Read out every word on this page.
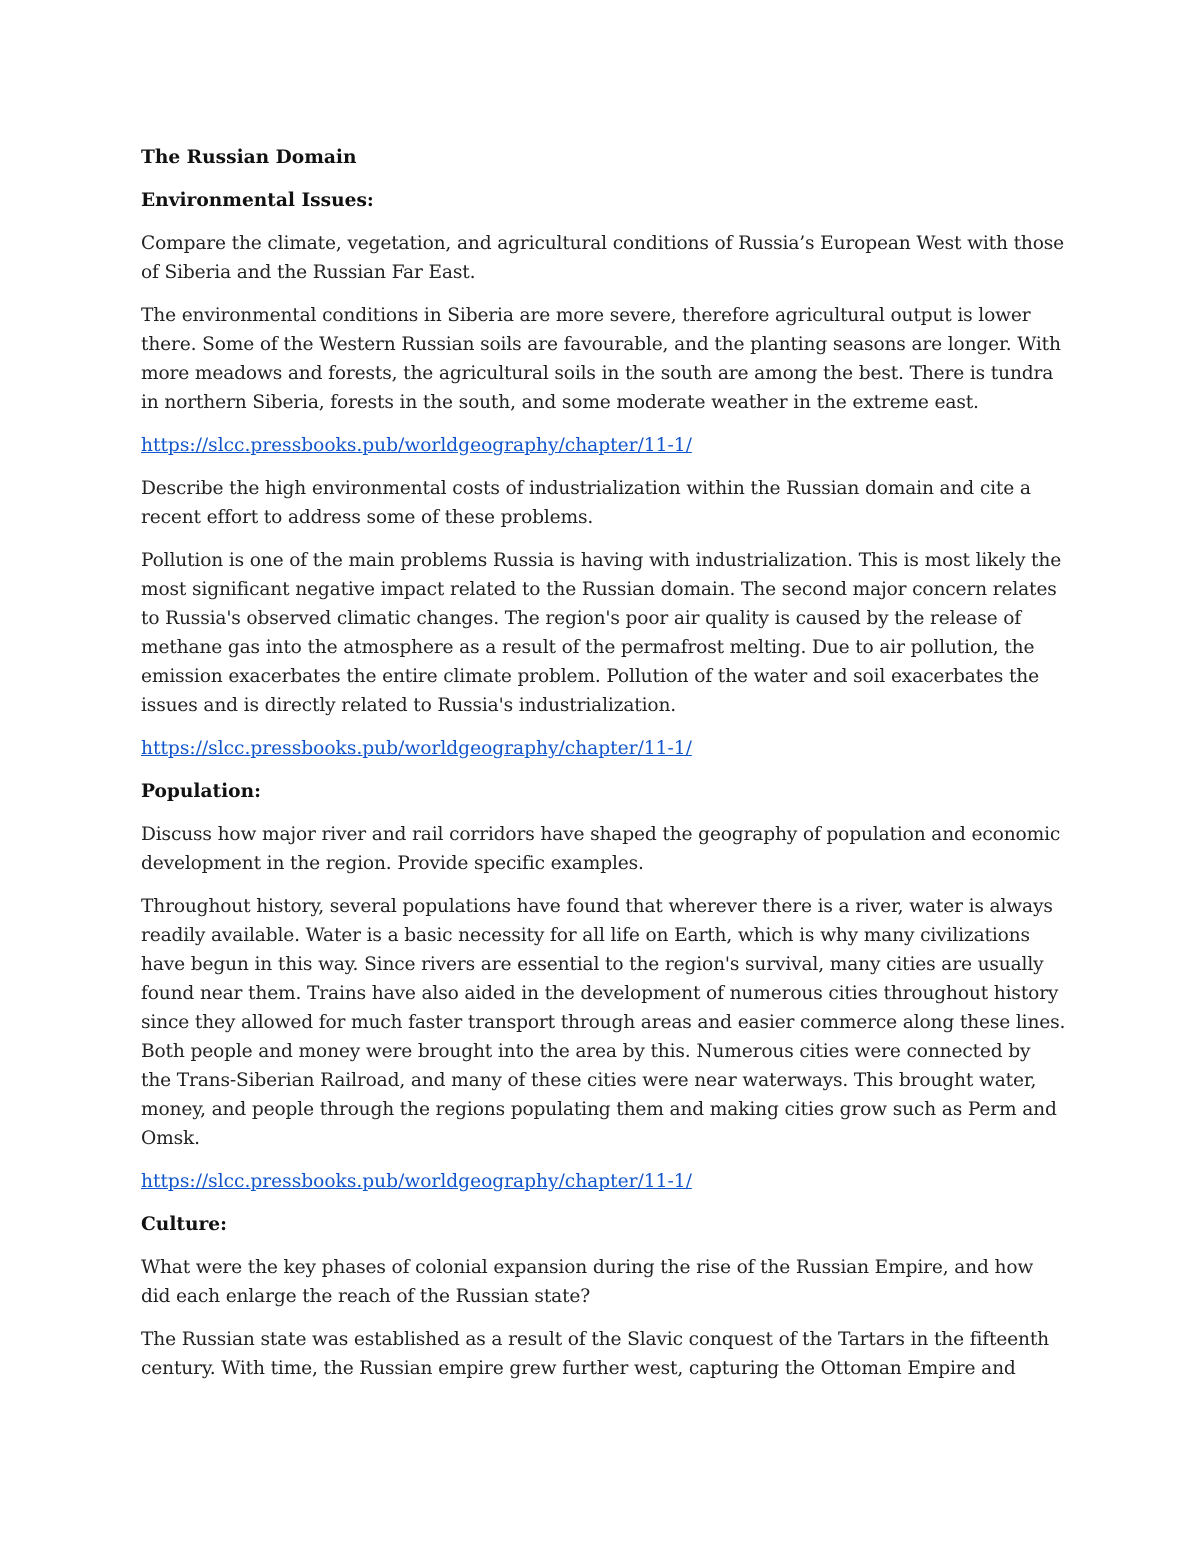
The Russian Domain

Environmental Issues:

Compare the climate, vegetation, and agricultural conditions of Russia’s European West with those of Siberia and the Russian Far East.

The environmental conditions in Siberia are more severe, therefore agricultural output is lower there. Some of the Western Russian soils are favourable, and the planting seasons are longer. With more meadows and forests, the agricultural soils in the south are among the best. There is tundra in northern Siberia, forests in the south, and some moderate weather in the extreme east.

https://slcc.pressbooks.pub/worldgeography/chapter/11-1/

Describe the high environmental costs of industrialization within the Russian domain and cite a recent effort to address some of these problems.

Pollution is one of the main problems Russia is having with industrialization. This is most likely the most significant negative impact related to the Russian domain. The second major concern relates to Russia's observed climatic changes. The region's poor air quality is caused by the release of methane gas into the atmosphere as a result of the permafrost melting. Due to air pollution, the emission exacerbates the entire climate problem. Pollution of the water and soil exacerbates the issues and is directly related to Russia's industrialization.

https://slcc.pressbooks.pub/worldgeography/chapter/11-1/

Population:

Discuss how major river and rail corridors have shaped the geography of population and economic development in the region. Provide specific examples.

Throughout history, several populations have found that wherever there is a river, water is always readily available. Water is a basic necessity for all life on Earth, which is why many civilizations have begun in this way. Since rivers are essential to the region's survival, many cities are usually found near them. Trains have also aided in the development of numerous cities throughout history since they allowed for much faster transport through areas and easier commerce along these lines. Both people and money were brought into the area by this. Numerous cities were connected by the Trans-Siberian Railroad, and many of these cities were near waterways. This brought water, money, and people through the regions populating them and making cities grow such as Perm and Omsk.

https://slcc.pressbooks.pub/worldgeography/chapter/11-1/

Culture:

What were the key phases of colonial expansion during the rise of the Russian Empire, and how did each enlarge the reach of the Russian state?

The Russian state was established as a result of the Slavic conquest of the Tartars in the fifteenth century. With time, the Russian empire grew further west, capturing the Ottoman Empire and
